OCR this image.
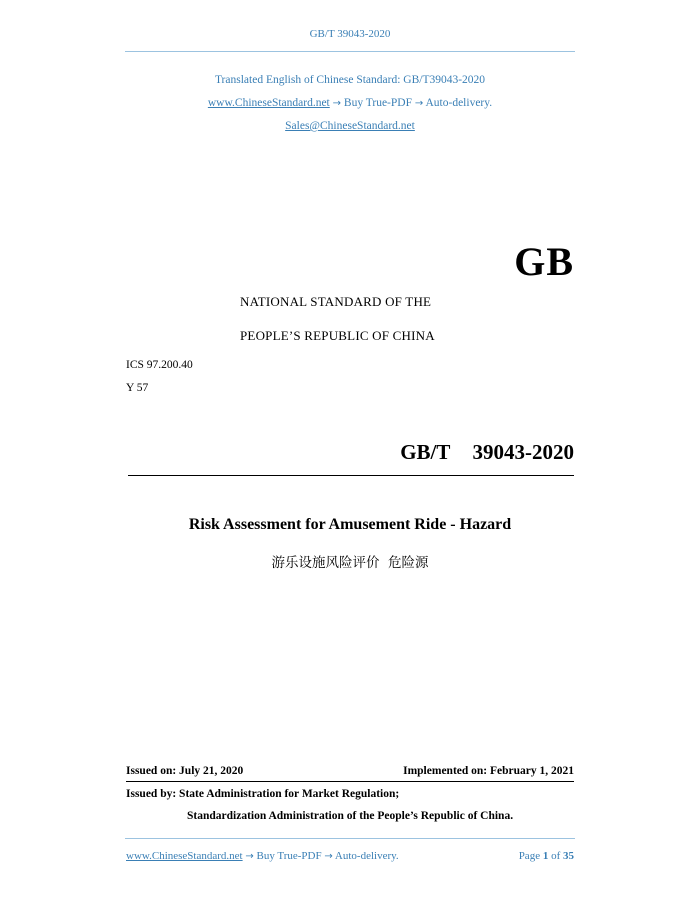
GB/T 39043-2020
Translated English of Chinese Standard: GB/T39043-2020
www.ChineseStandard.net → Buy True-PDF → Auto-delivery.
Sales@ChineseStandard.net
GB
NATIONAL STANDARD OF THE
PEOPLE’S REPUBLIC OF CHINA
ICS 97.200.40
Y 57
GB/T  39043-2020
Risk Assessment for Amusement Ride - Hazard
游乐设施风险评价  危险源
Issued on: July 21, 2020	Implemented on: February 1, 2021
Issued by: State Administration for Market Regulation;
Standardization Administration of the People’s Republic of China.
www.ChineseStandard.net → Buy True-PDF → Auto-delivery.	Page 1 of 35
